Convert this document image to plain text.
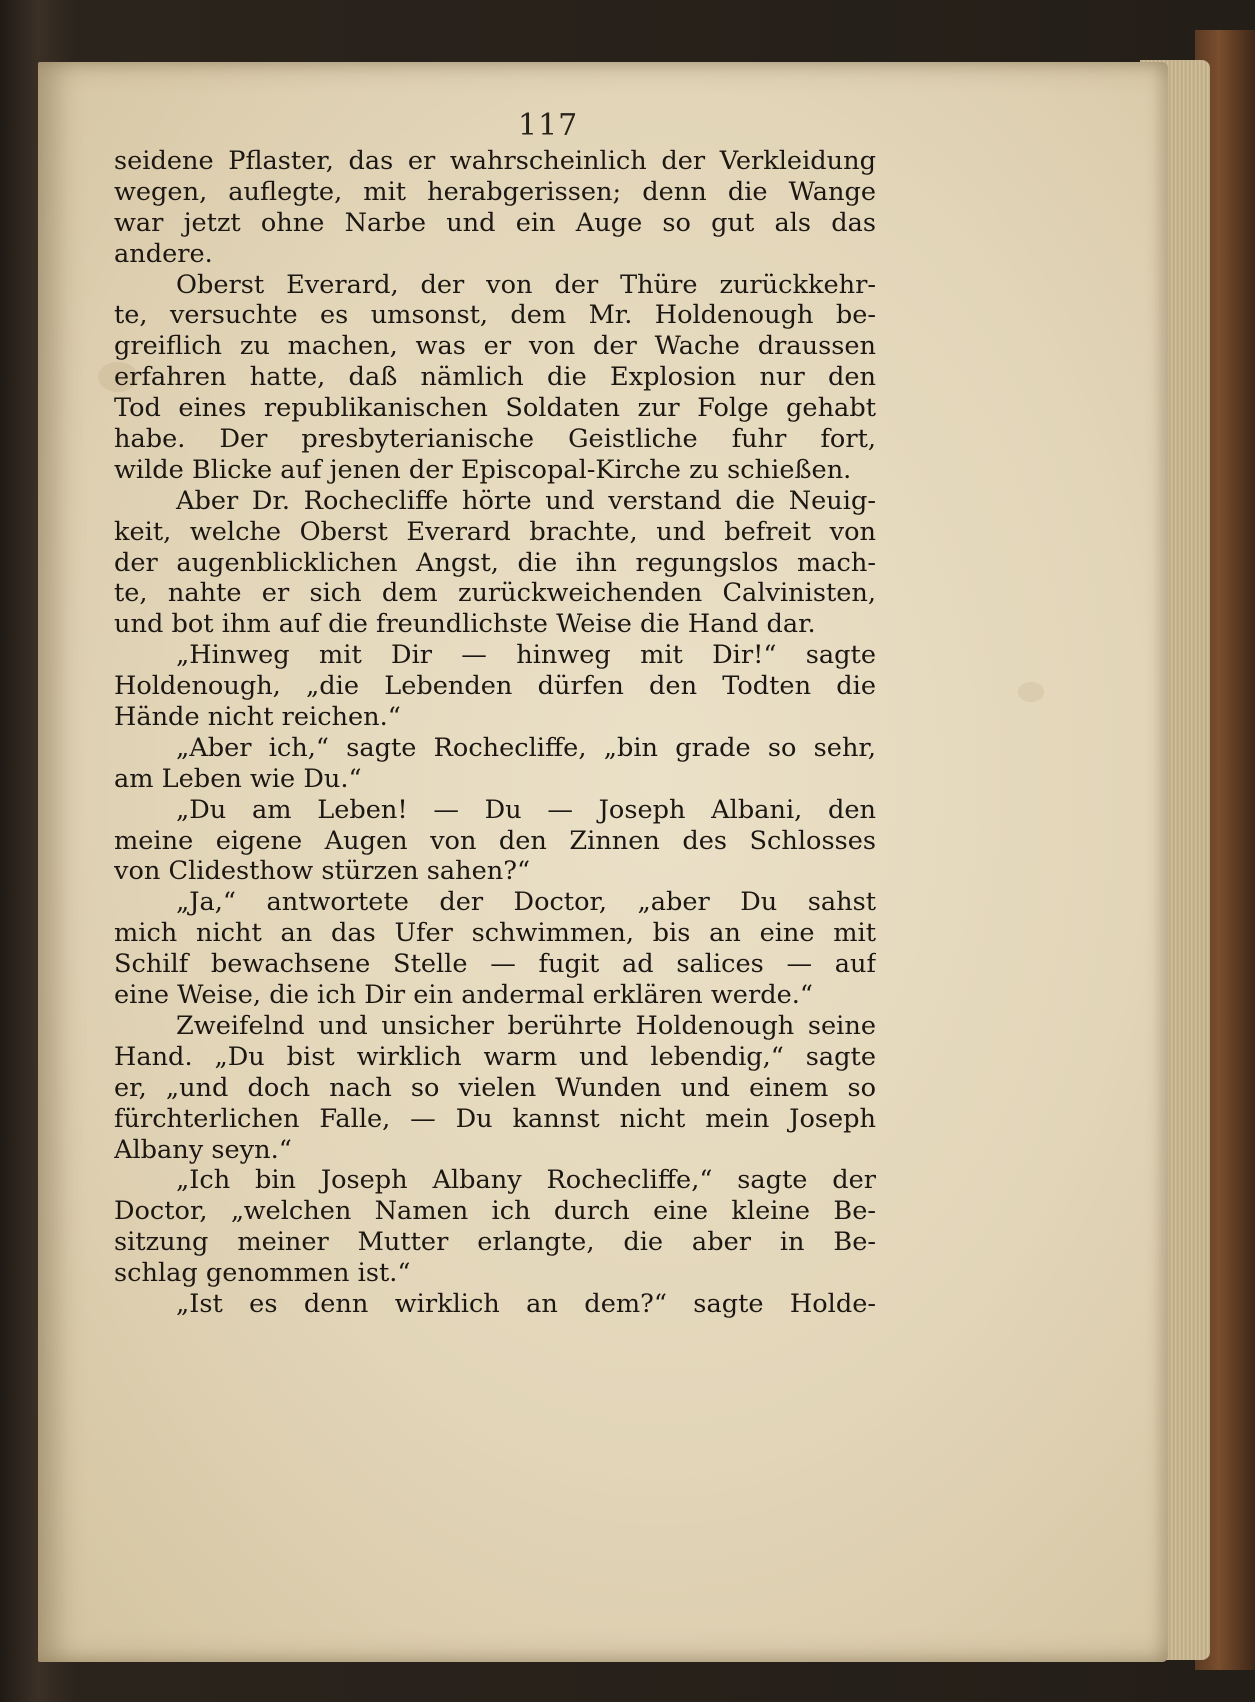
117
seidene Pflaster, das er wahrscheinlich der Verkleidung
wegen, auflegte, mit herabgerissen; denn die Wange
war jetzt ohne Narbe und ein Auge so gut als das
andere.
Oberst Everard, der von der Thüre zurückkehr-
te, versuchte es umsonst, dem Mr. Holdenough be-
greiflich zu machen, was er von der Wache draussen
erfahren hatte, daß nämlich die Explosion nur den
Tod eines republikanischen Soldaten zur Folge gehabt
habe. Der presbyterianische Geistliche fuhr fort,
wilde Blicke auf jenen der Episcopal-Kirche zu schießen.
Aber Dr. Rochecliffe hörte und verstand die Neuig-
keit, welche Oberst Everard brachte, und befreit von
der augenblicklichen Angst, die ihn regungslos mach-
te, nahte er sich dem zurückweichenden Calvinisten,
und bot ihm auf die freundlichste Weise die Hand dar.
„Hinweg mit Dir — hinweg mit Dir!“ sagte
Holdenough, „die Lebenden dürfen den Todten die
Hände nicht reichen.“
„Aber ich,“ sagte Rochecliffe, „bin grade so sehr,
am Leben wie Du.“
„Du am Leben! — Du — Joseph Albani, den
meine eigene Augen von den Zinnen des Schlosses
von Clidesthow stürzen sahen?“
„Ja,“ antwortete der Doctor, „aber Du sahst
mich nicht an das Ufer schwimmen, bis an eine mit
Schilf bewachsene Stelle — fugit ad salices — auf
eine Weise, die ich Dir ein andermal erklären werde.“
Zweifelnd und unsicher berührte Holdenough seine
Hand. „Du bist wirklich warm und lebendig,“ sagte
er, „und doch nach so vielen Wunden und einem so
fürchterlichen Falle, — Du kannst nicht mein Joseph
Albany seyn.“
„Ich bin Joseph Albany Rochecliffe,“ sagte der
Doctor, „welchen Namen ich durch eine kleine Be-
sitzung meiner Mutter erlangte, die aber in Be-
schlag genommen ist.“
„Ist es denn wirklich an dem?“ sagte Holde-
